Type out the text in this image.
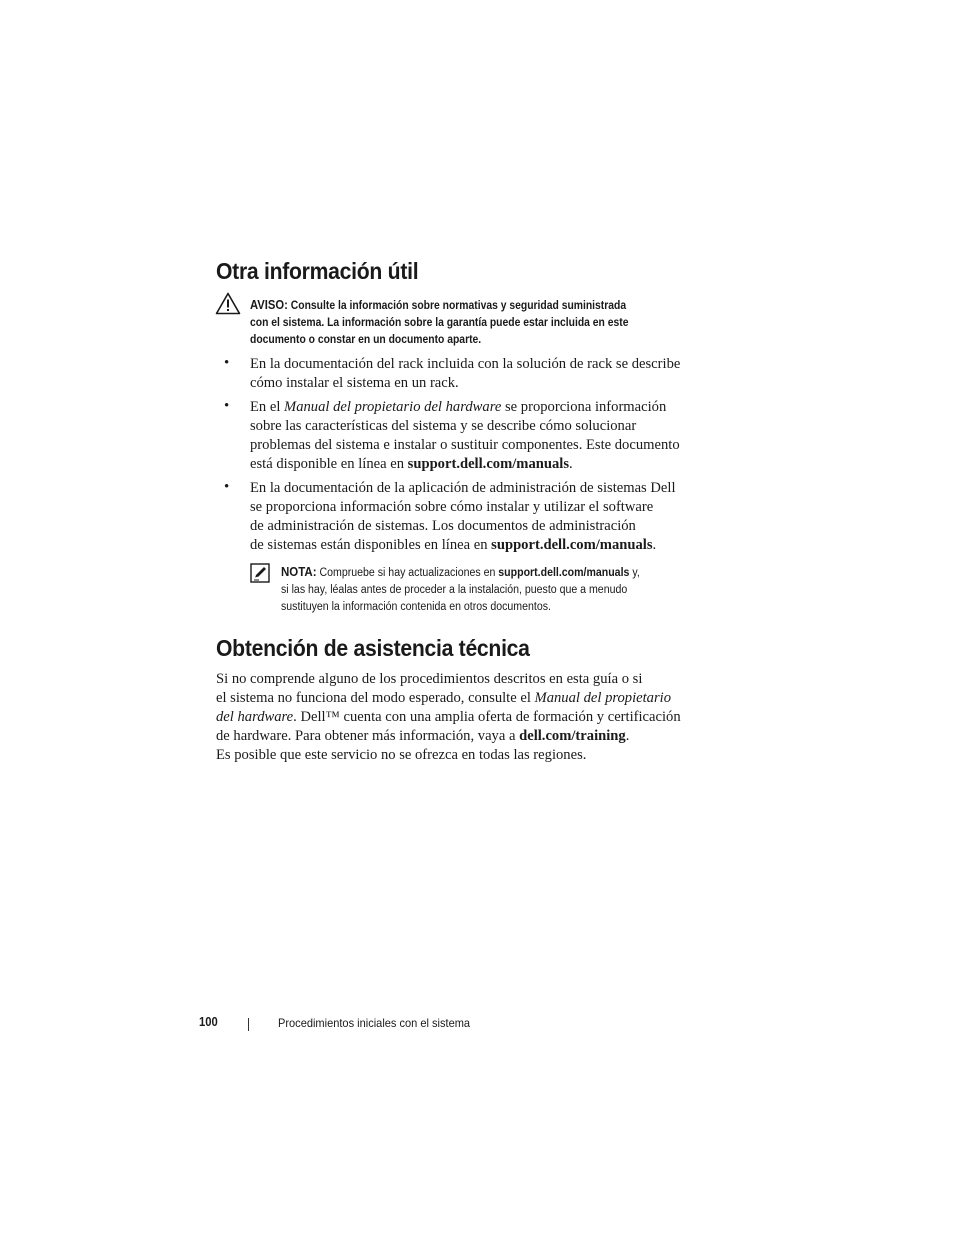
Otra información útil
AVISO: Consulte la información sobre normativas y seguridad suministrada
con el sistema. La información sobre la garantía puede estar incluida en este
documento o constar en un documento aparte.
• En la documentación del rack incluida con la solución de rack se describe
cómo instalar el sistema en un rack.
• En el Manual del propietario del hardware se proporciona información
sobre las características del sistema y se describe cómo solucionar
problemas del sistema e instalar o sustituir componentes. Este documento
está disponible en línea en support.dell.com/manuals.
• En la documentación de la aplicación de administración de sistemas Dell
se proporciona información sobre cómo instalar y utilizar el software
de administración de sistemas. Los documentos de administración
de sistemas están disponibles en línea en support.dell.com/manuals.
NOTA: Compruebe si hay actualizaciones en support.dell.com/manuals y,
si las hay, léalas antes de proceder a la instalación, puesto que a menudo
sustituyen la información contenida en otros documentos.
Obtención de asistencia técnica
Si no comprende alguno de los procedimientos descritos en esta guía o si
el sistema no funciona del modo esperado, consulte el Manual del propietario
del hardware. Dell™ cuenta con una amplia oferta de formación y certificación
de hardware. Para obtener más información, vaya a dell.com/training.
Es posible que este servicio no se ofrezca en todas las regiones.
100	Procedimientos iniciales con el sistema
